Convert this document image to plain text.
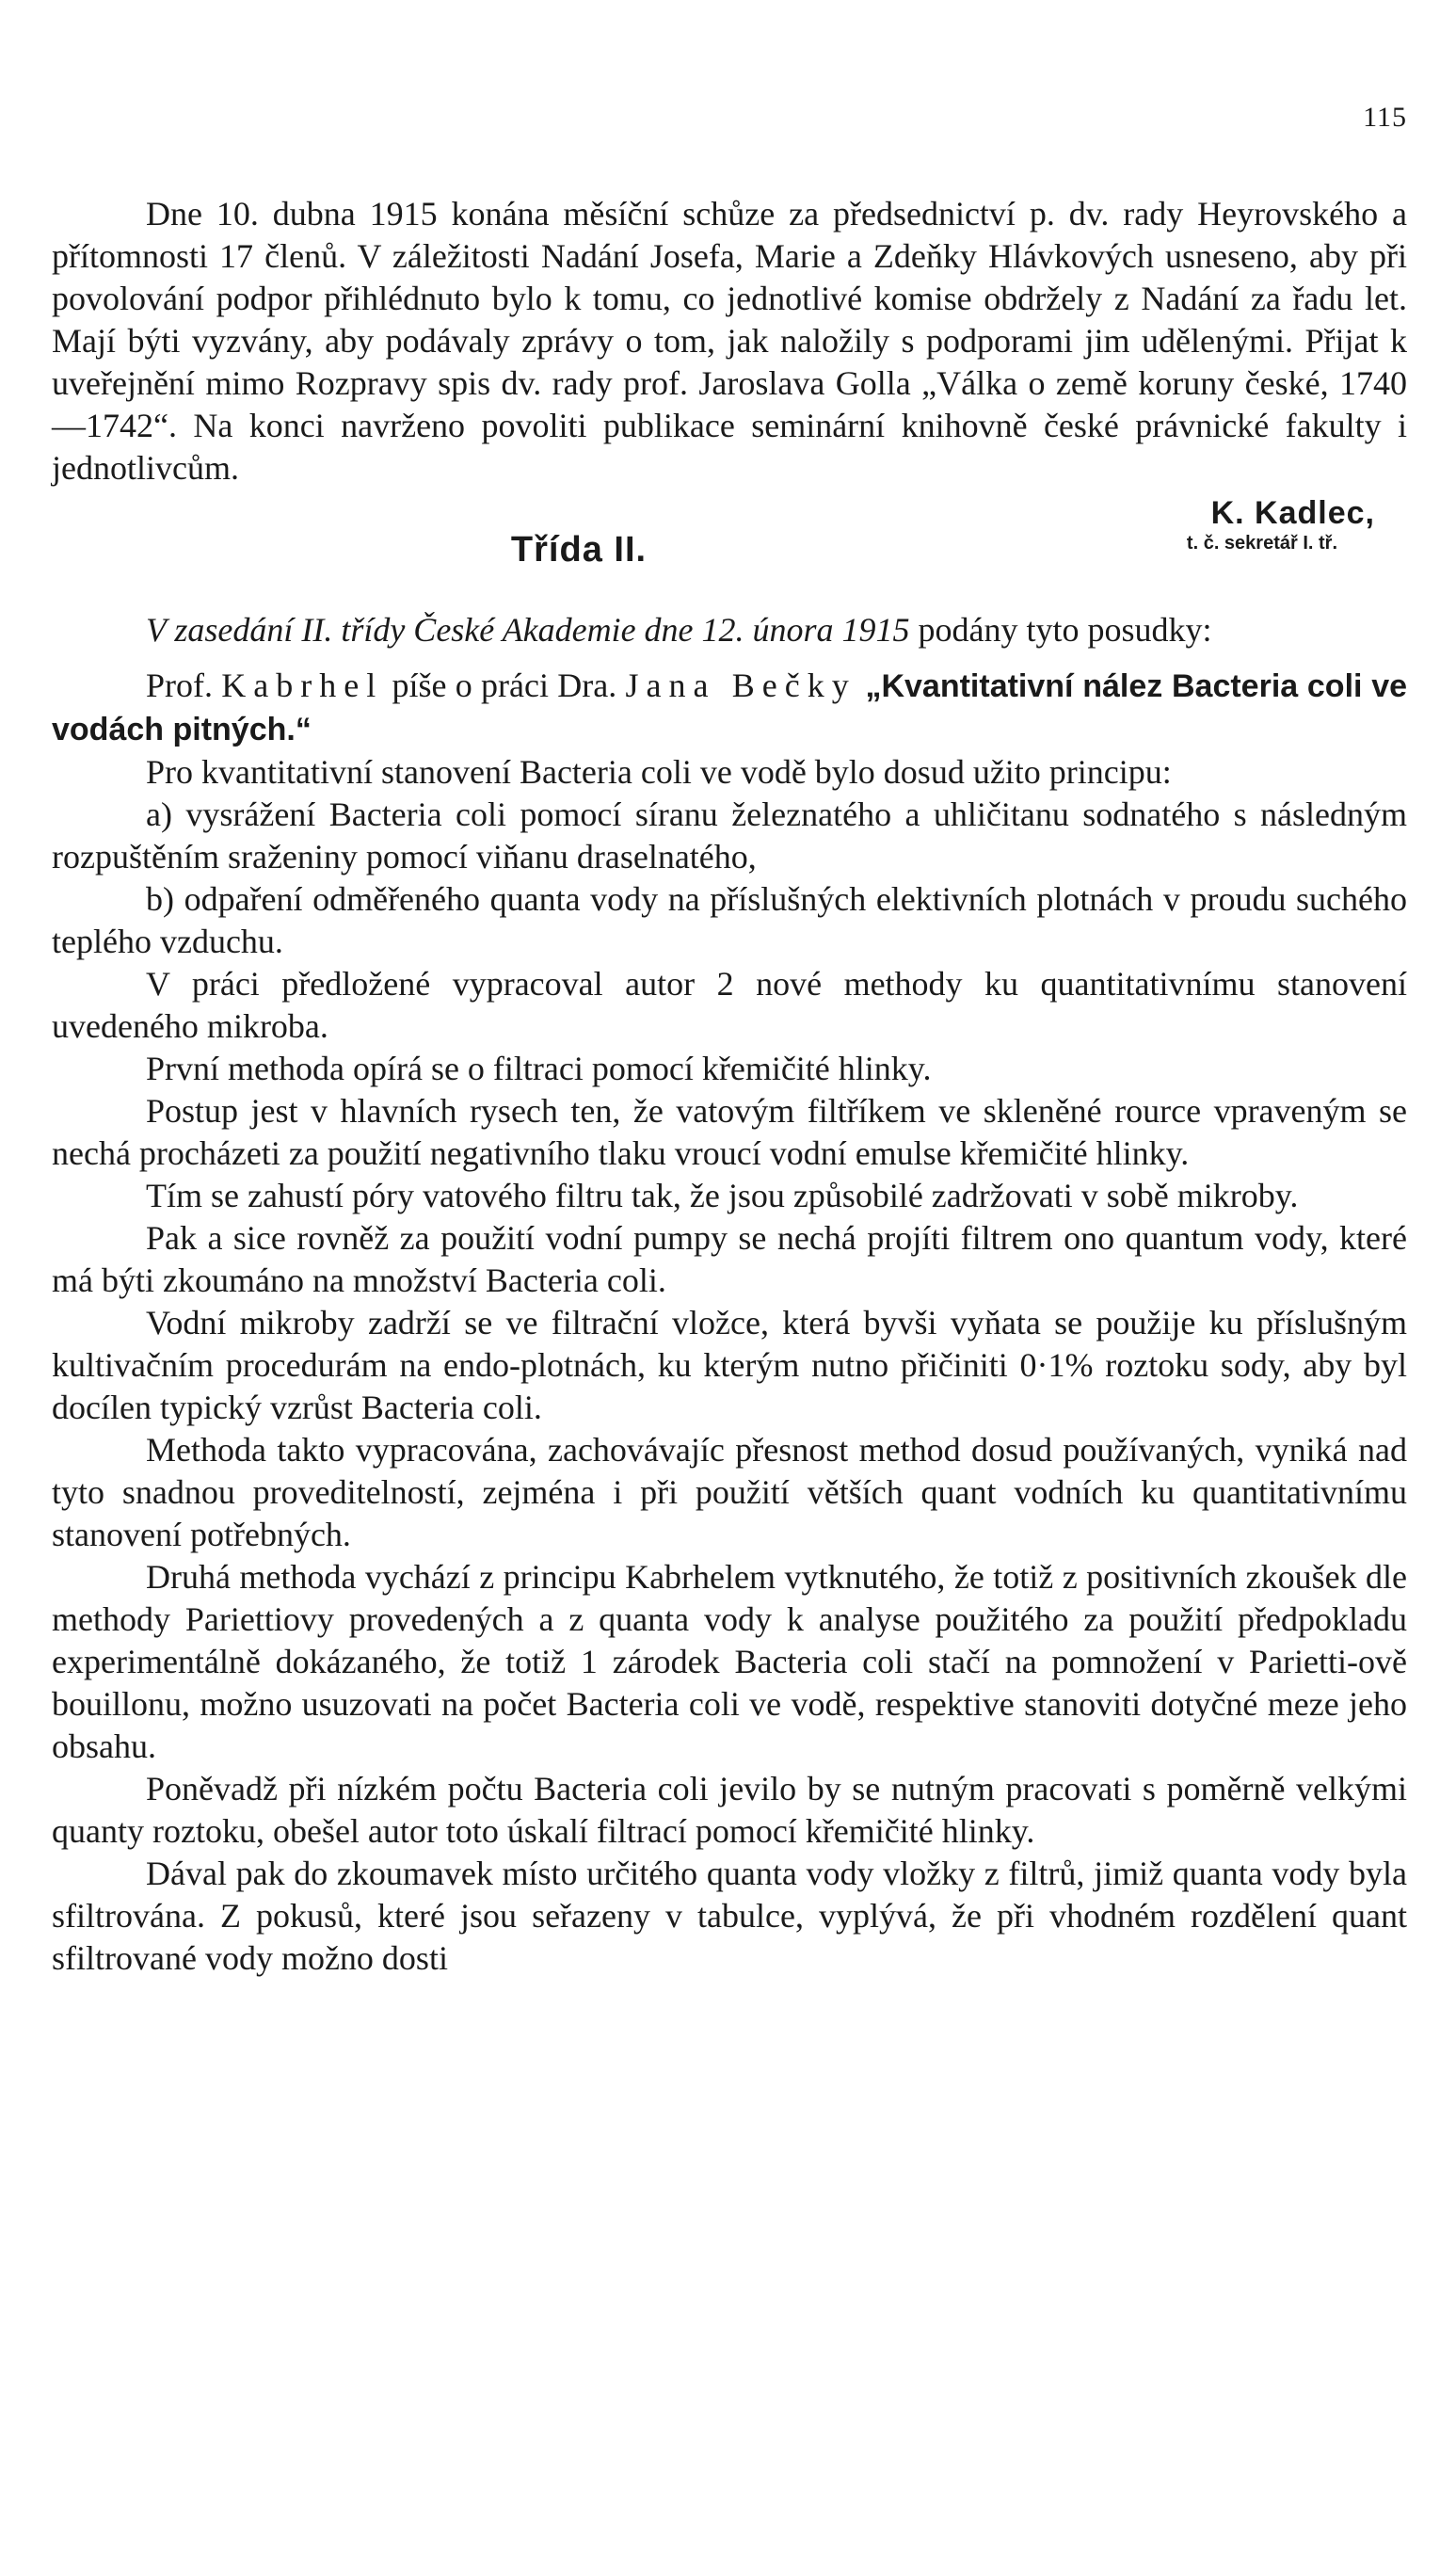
115

Dne 10. dubna 1915 konána měsíční schůze za předsednictví p. dv. rady Heyrovského a přítomnosti 17 členů. V záležitosti Nadání Josefa, Marie a Zdeňky Hlávkových usneseno, aby při povolování podpor přihlédnuto bylo k tomu, co jednotlivé komise obdržely z Nadání za řadu let. Mají býti vyzvány, aby podávaly zprávy o tom, jak naložily s podporami jim udělenými. Přijat k uveřejnění mimo Rozpravy spis dv. rady prof. Jaroslava Golla „Válka o země koruny české, 1740—1742“. Na konci navrženo povoliti publikace seminární knihovně české právnické fakulty i jednotlivcům.

K. Kadlec,
t. č. sekretář I. tř.
Třída II.

V zasedání II. třídy České Akademie dne 12. února 1915 podány tyto posudky:

Prof. Kabrhel píše o práci Dra. Jana Bečky „Kvantitativní nález Bacteria coli ve vodách pitných.“

Pro kvantitativní stanovení Bacteria coli ve vodě bylo dosud užito principu:

a) vysrážení Bacteria coli pomocí síranu železnatého a uhličitanu sodnatého s následným rozpuštěním sraženiny pomocí viňanu draselnatého,

b) odpaření odměřeného quanta vody na příslušných elektivních plotnách v proudu suchého teplého vzduchu.

V práci předložené vypracoval autor 2 nové methody ku quantitativnímu stanovení uvedeného mikroba.

První methoda opírá se o filtraci pomocí křemičité hlinky.

Postup jest v hlavních rysech ten, že vatovým filtříkem ve skleněné rource vpraveným se nechá procházeti za použití negativního tlaku vroucí vodní emulse křemičité hlinky.

Tím se zahustí póry vatového filtru tak, že jsou způsobilé zadržovati v sobě mikroby.

Pak a sice rovněž za použití vodní pumpy se nechá projíti filtrem ono quantum vody, které má býti zkoumáno na množství Bacteria coli.

Vodní mikroby zadrží se ve filtrační vložce, která byvši vyňata se použije ku příslušným kultivačním procedurám na endo-plotnách, ku kterým nutno přičiniti 0·1% roztoku sody, aby byl docílen typický vzrůst Bacteria coli.

Methoda takto vypracována, zachovávajíc přesnost method dosud používaných, vyniká nad tyto snadnou proveditelností, zejména i při použití větších quant vodních ku quantitativnímu stanovení potřebných.

Druhá methoda vychází z principu Kabrhelem vytknutého, že totiž z positivních zkoušek dle methody Pariettiovy provedených a z quanta vody k analyse použitého za použití předpokladu experimentálně dokázaného, že totiž 1 zárodek Bacteria coli stačí na pomnožení v Parietti-ově bouillonu, možno usuzovati na počet Bacteria coli ve vodě, respektive stanoviti dotyčné meze jeho obsahu.

Poněvadž při nízkém počtu Bacteria coli jevilo by se nutným pracovati s poměrně velkými quanty roztoku, obešel autor toto úskalí filtrací pomocí křemičité hlinky.

Dával pak do zkoumavek místo určitého quanta vody vložky z filtrů, jimiž quanta vody byla sfiltrována. Z pokusů, které jsou seřazeny v tabulce, vyplývá, že při vhodném rozdělení quant sfiltrované vody možno dosti
